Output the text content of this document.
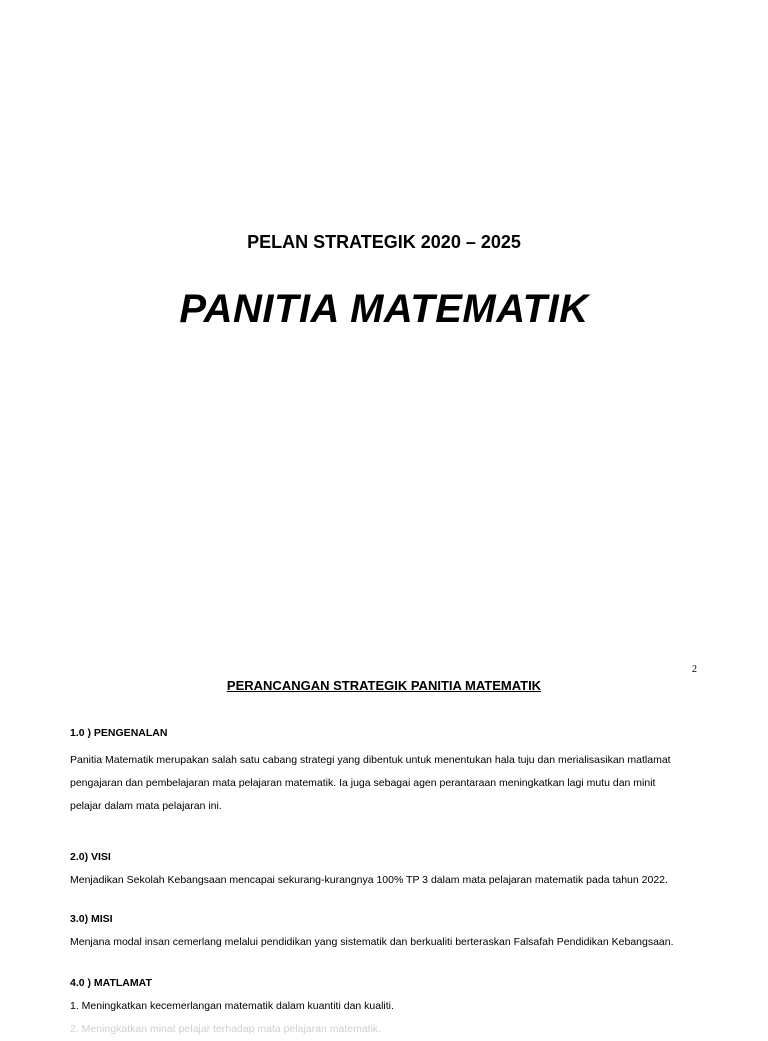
PELAN STRATEGIK 2020 – 2025
PANITIA MATEMATIK
2
PERANCANGAN STRATEGIK PANITIA MATEMATIK
1.0 ) PENGENALAN
Panitia Matematik merupakan salah satu cabang strategi yang dibentuk untuk menentukan hala tuju dan merialisasikan matlamat
pengajaran dan pembelajaran mata pelajaran matematik. Ia juga sebagai agen perantaraan meningkatkan lagi mutu dan minit
pelajar dalam mata pelajaran ini.
2.0) VISI
Menjadikan Sekolah Kebangsaan mencapai sekurang-kurangnya 100% TP 3 dalam mata pelajaran matematik pada tahun 2022.
3.0) MISI
Menjana modal insan cemerlang melalui pendidikan yang sistematik dan berkualiti berteraskan Falsafah Pendidikan Kebangsaan.
4.0 ) MATLAMAT
1. Meningkatkan kecemerlangan matematik dalam kuantiti dan kualiti.
2. Meningkatkan minat pelajar terhadap mata pelajaran matematik.
